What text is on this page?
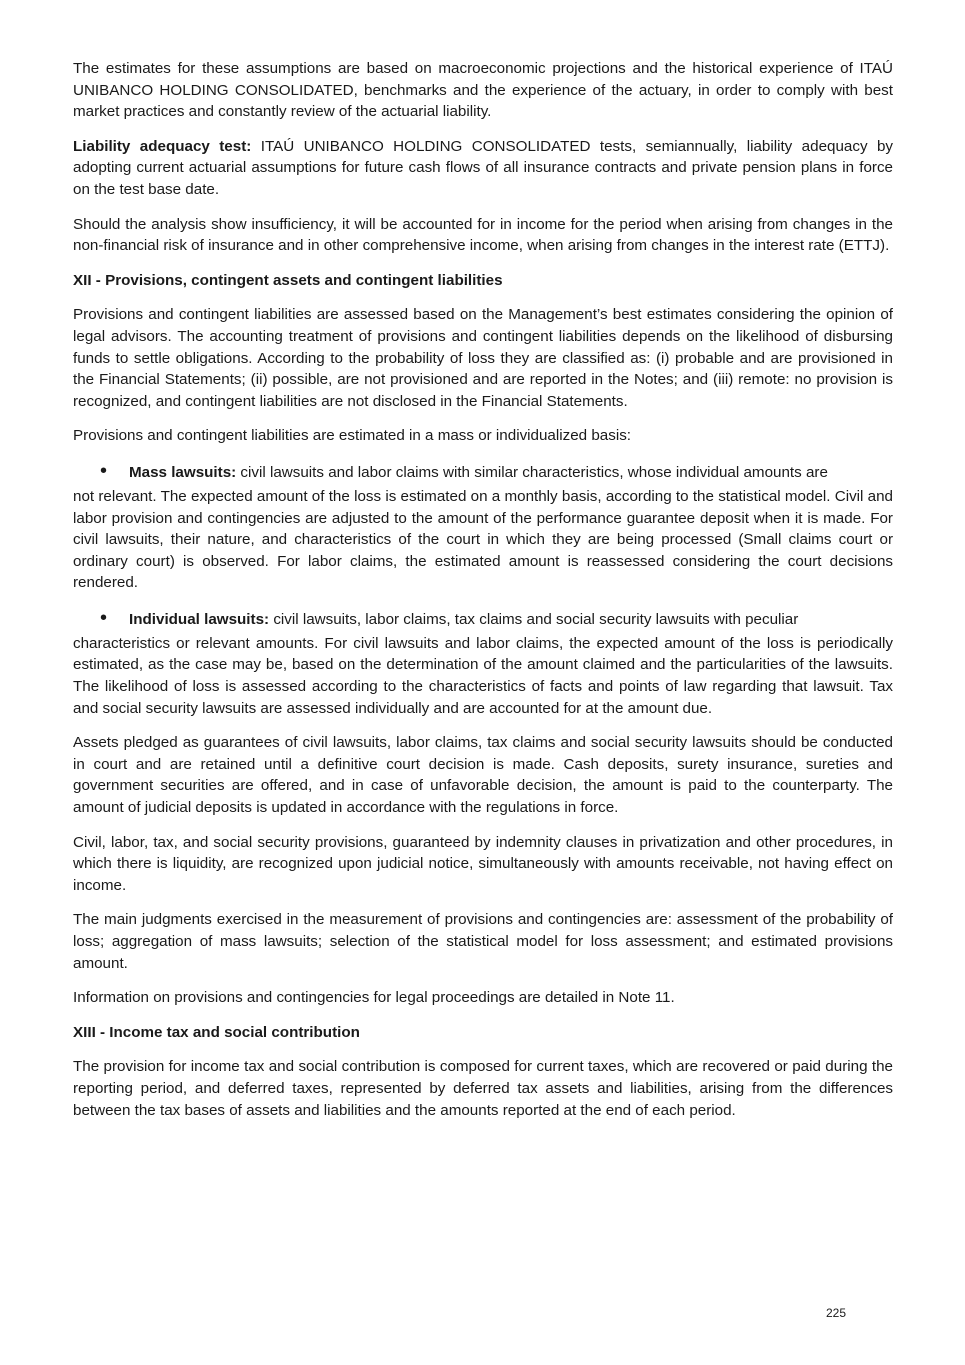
The estimates for these assumptions are based on macroeconomic projections and the historical experience of ITAÚ UNIBANCO HOLDING CONSOLIDATED, benchmarks and the experience of the actuary, in order to comply with best market practices and constantly review of the actuarial liability.

Liability adequacy test: ITAÚ UNIBANCO HOLDING CONSOLIDATED tests, semiannually, liability adequacy by adopting current actuarial assumptions for future cash flows of all insurance contracts and private pension plans in force on the test base date.

Should the analysis show insufficiency, it will be accounted for in income for the period when arising from changes in the non-financial risk of insurance and in other comprehensive income, when arising from changes in the interest rate (ETTJ).

XII - Provisions, contingent assets and contingent liabilities

Provisions and contingent liabilities are assessed based on the Management’s best estimates considering the opinion of legal advisors. The accounting treatment of provisions and contingent liabilities depends on the likelihood of disbursing funds to settle obligations. According to the probability of loss they are classified as: (i) probable and are provisioned in the Financial Statements; (ii) possible, are not provisioned and are reported in the Notes; and (iii) remote: no provision is recognized, and contingent liabilities are not disclosed in the Financial Statements.

Provisions and contingent liabilities are estimated in a mass or individualized basis:

•	Mass lawsuits: civil lawsuits and labor claims with similar characteristics, whose individual amounts are
not relevant. The expected amount of the loss is estimated on a monthly basis, according to the statistical model. Civil and labor provision and contingencies are adjusted to the amount of the performance guarantee deposit when it is made. For civil lawsuits, their nature, and characteristics of the court in which they are being processed (Small claims court or ordinary court) is observed. For labor claims, the estimated amount is reassessed considering the court decisions rendered.
•	Individual lawsuits: civil lawsuits, labor claims, tax claims and social security lawsuits with peculiar
characteristics or relevant amounts. For civil lawsuits and labor claims, the expected amount of the loss is periodically estimated, as the case may be, based on the determination of the amount claimed and the particularities of the lawsuits. The likelihood of loss is assessed according to the characteristics of facts and points of law regarding that lawsuit. Tax and social security lawsuits are assessed individually and are accounted for at the amount due.

Assets pledged as guarantees of civil lawsuits, labor claims, tax claims and social security lawsuits should be conducted in court and are retained until a definitive court decision is made. Cash deposits, surety insurance, sureties and government securities are offered, and in case of unfavorable decision, the amount is paid to the counterparty. The amount of judicial deposits is updated in accordance with the regulations in force.

Civil, labor, tax, and social security provisions, guaranteed by indemnity clauses in privatization and other procedures, in which there is liquidity, are recognized upon judicial notice, simultaneously with amounts receivable, not having effect on income.

The main judgments exercised in the measurement of provisions and contingencies are: assessment of the probability of loss; aggregation of mass lawsuits; selection of the statistical model for loss assessment; and estimated provisions amount.

Information on provisions and contingencies for legal proceedings are detailed in Note 11.

XIII - Income tax and social contribution

The provision for income tax and social contribution is composed for current taxes, which are recovered or paid during the reporting period, and deferred taxes, represented by deferred tax assets and liabilities, arising from the differences between the tax bases of assets and liabilities and the amounts reported at the end of each period.

225
